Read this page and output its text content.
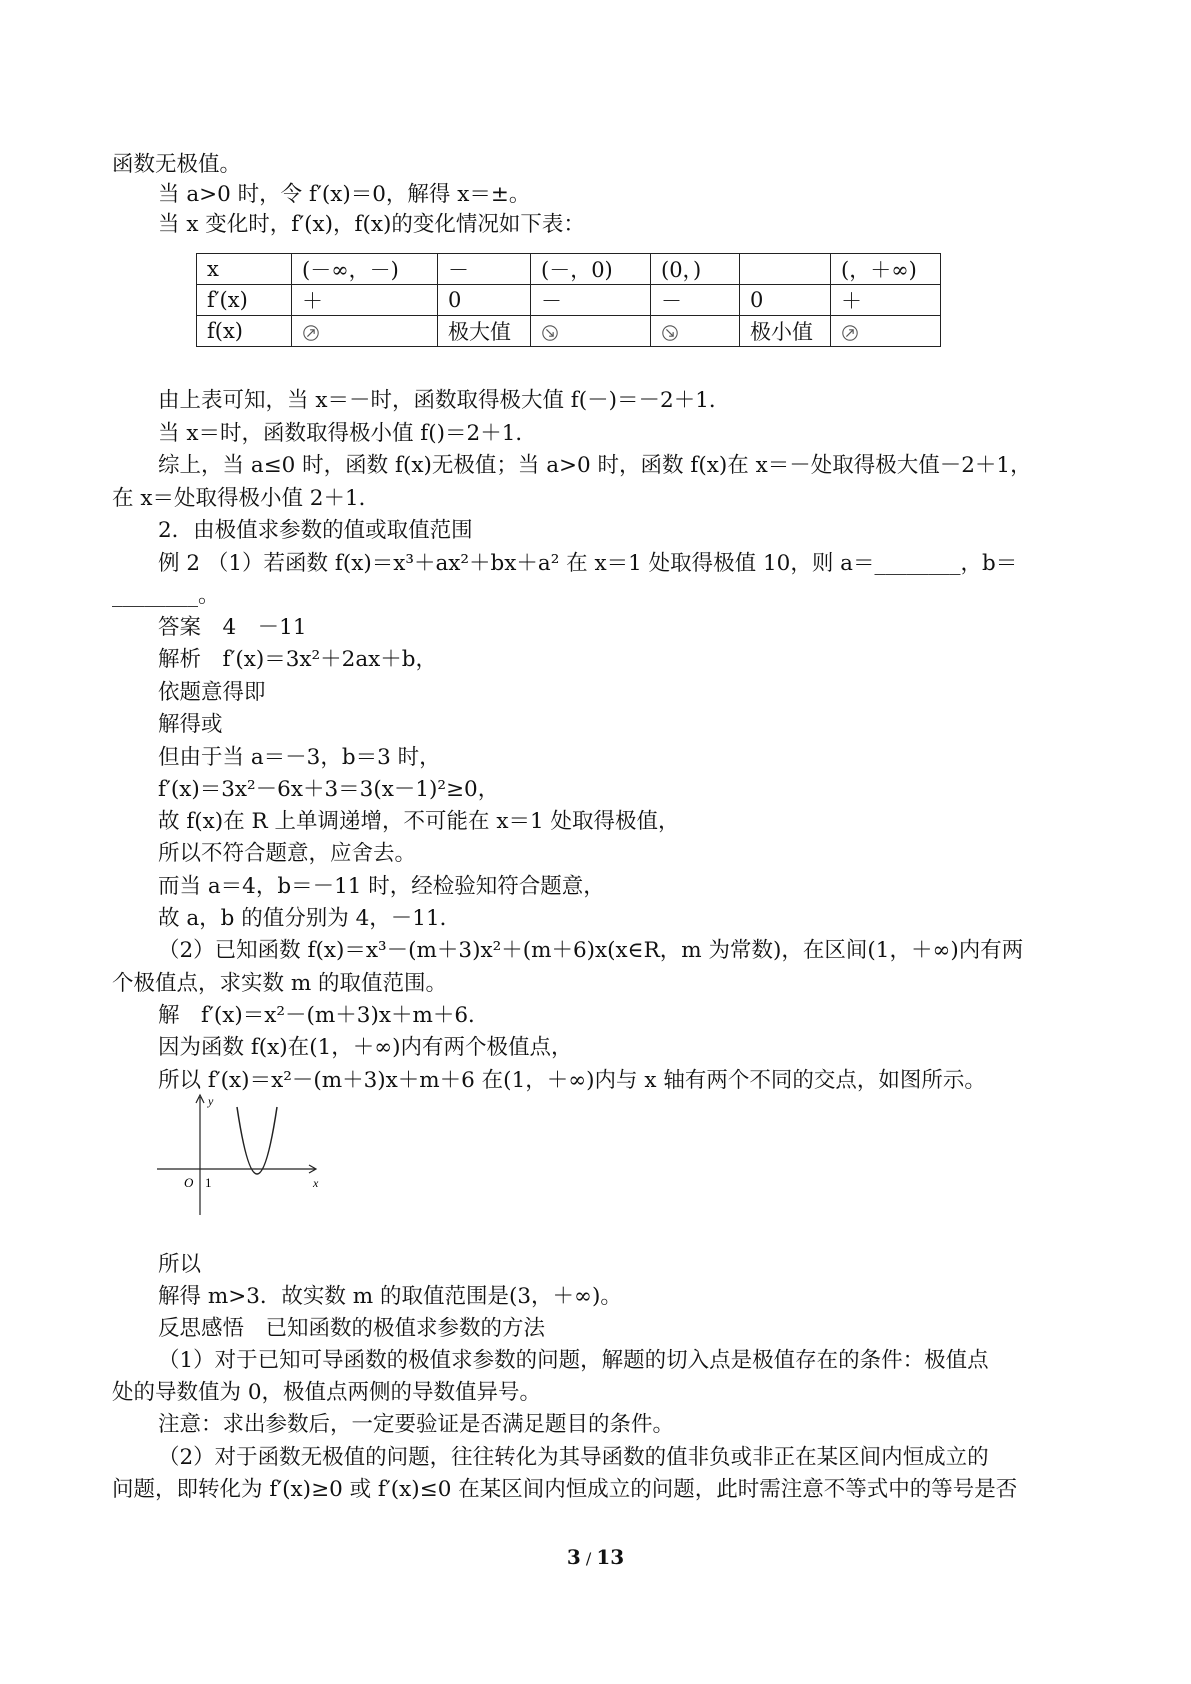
函数无极值。
当 a>0 时，令 f′(x)＝0，解得 x＝±。
当 x 变化时，f′(x)，f(x)的变化情况如下表：
x	(－∞，－)	－	(－，0)	(0，)		(，＋∞)
f′(x)	＋	0	－	－	0	＋
f(x)		极大值			极小值	
由上表可知，当 x＝－时，函数取得极大值 f(－)＝－2＋1．
当 x＝时，函数取得极小值 f()＝2＋1．
综上，当 a≤0 时，函数 f(x)无极值；当 a>0 时，函数 f(x)在 x＝－处取得极大值－2＋1，
在 x＝处取得极小值 2＋1．
2．由极值求参数的值或取值范围
例 2 （1）若函数 f(x)＝x³＋ax²＋bx＋a² 在 x＝1 处取得极值 10，则 a＝________，b＝
________。
答案　4　－11
解析　f′(x)＝3x²＋2ax＋b，
依题意得即
解得或
但由于当 a＝－3，b＝3 时，
f′(x)＝3x²－6x＋3＝3(x－1)²≥0，
故 f(x)在 R 上单调递增，不可能在 x＝1 处取得极值，
所以不符合题意，应舍去。
而当 a＝4，b＝－11 时，经检验知符合题意，
故 a，b 的值分别为 4，－11．
（2）已知函数 f(x)＝x³－(m＋3)x²＋(m＋6)x(x∈R，m 为常数)，在区间(1，＋∞)内有两
个极值点，求实数 m 的取值范围。
解　f′(x)＝x²－(m＋3)x＋m＋6．
因为函数 f(x)在(1，＋∞)内有两个极值点，
所以 f′(x)＝x²－(m＋3)x＋m＋6 在(1，＋∞)内与 x 轴有两个不同的交点，如图所示。
y
x
O 1
所以
解得 m>3．故实数 m 的取值范围是(3，＋∞)。
反思感悟　已知函数的极值求参数的方法
（1）对于已知可导函数的极值求参数的问题，解题的切入点是极值存在的条件：极值点
处的导数值为 0，极值点两侧的导数值异号。
注意：求出参数后，一定要验证是否满足题目的条件。
（2）对于函数无极值的问题，往往转化为其导函数的值非负或非正在某区间内恒成立的
问题，即转化为 f′(x)≥0 或 f′(x)≤0 在某区间内恒成立的问题，此时需注意不等式中的等号是否
3 / 13
